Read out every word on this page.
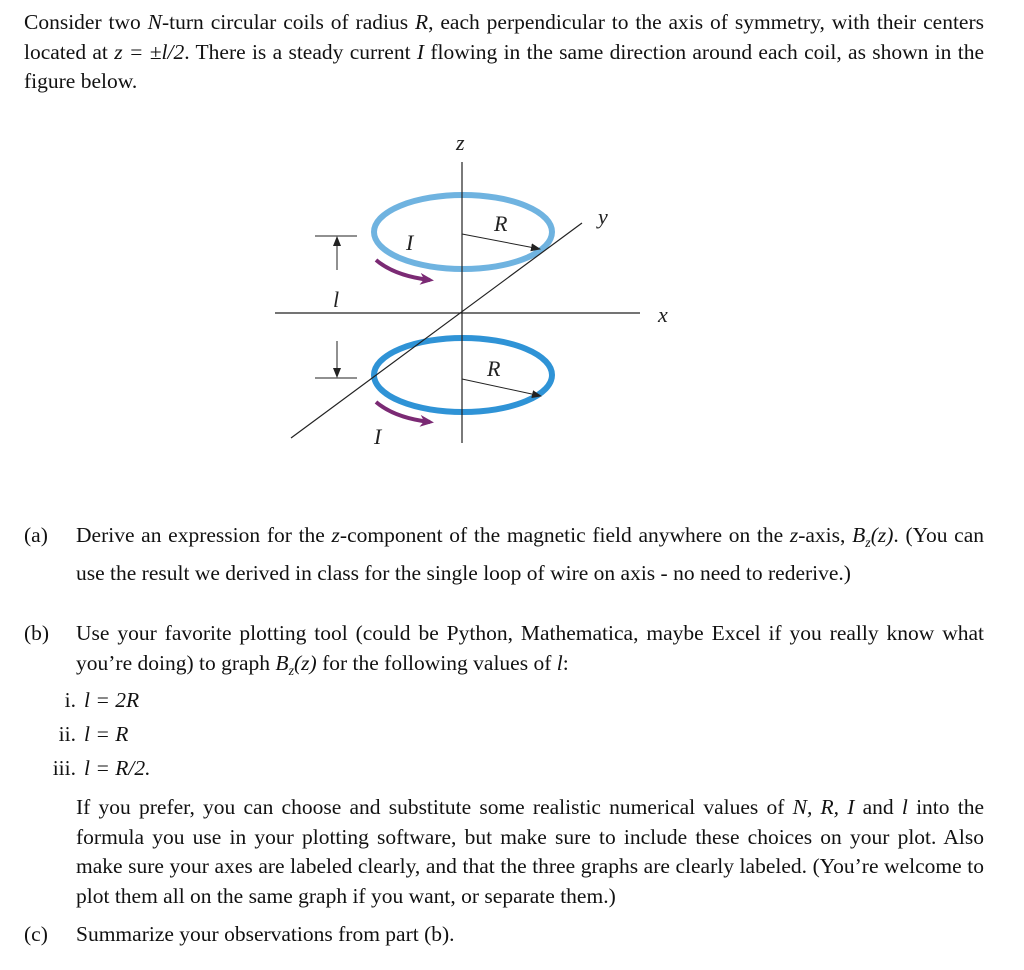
Consider two N-turn circular coils of radius R, each perpendicular to the axis of symmetry, with their centers located at z = ±l/2. There is a steady current I flowing in the same direction around each coil, as shown in the figure below.
z
y
x
R
R
l
I
I
(a)	Derive an expression for the z-component of the magnetic field anywhere on the z-axis, $B_z(z)$. (You can use the result we derived in class for the single loop of wire on axis - no need to rederive.)
(b)	Use your favorite plotting tool (could be Python, Mathematica, maybe Excel if you really know what you’re doing) to graph $B_z(z)$ for the following values of l:
i. l = 2R
ii. l = R
iii. l = R/2.
If you prefer, you can choose and substitute some realistic numerical values of N, R, I and l into the formula you use in your plotting software, but make sure to include these choices on your plot. Also make sure your axes are labeled clearly, and that the three graphs are clearly labeled. (You’re welcome to plot them all on the same graph if you want, or separate them.)
(c)	Summarize your observations from part (b).
